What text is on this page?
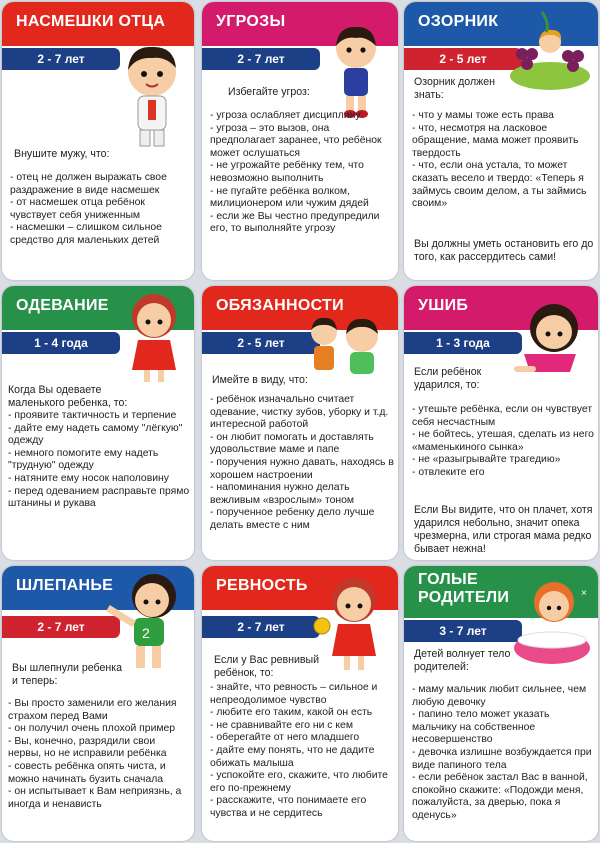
НАСМЕШКИ ОТЦА
2 - 7 лет
Внушите мужу, что:
- отец не должен выражать свое раздражение в виде насмешек
- от насмешек отца ребёнок чувствует себя униженным
- насмешки – слишком сильное средство для маленьких детей
УГРОЗЫ
2 - 7 лет
Избегайте угроз:
- угроза ослабляет дисциплину
- угроза – это вызов, она предполагает заранее, что ребёнок может ослушаться
- не угрожайте ребёнку тем, что невозможно выполнить
- не пугайте ребёнка волком, милиционером или чужим дядей
- если же Вы честно предупредили его, то выполняйте угрозу
ОЗОРНИК
2 - 5 лет
Озорник должен знать:
- что у мамы тоже есть права
- что, несмотря на ласковое обращение, мама может проявить твердость
- что, если она устала, то может сказать весело и твердо: «Теперь я займусь своим делом, а ты займись своим»
Вы должны уметь остановить его до того, как рассердитесь сами!
ОДЕВАНИЕ
1 - 4 года
Когда Вы одеваете маленького ребенка, то:
- проявите тактичность и терпение
- дайте ему надеть самому "лёгкую" одежду
- немного помогите ему надеть "трудную" одежду
- натяните ему носок наполовину
- перед одеванием расправьте прямо штанины и рукава
ОБЯЗАННОСТИ
2 - 5 лет
Имейте в виду, что:
- ребёнок изначально считает одевание, чистку зубов, уборку и т.д. интересной работой
- он любит помогать и доставлять удовольствие маме и папе
- поручения нужно давать, находясь в хорошем настроении
- напоминания нужно делать вежливым «взрослым» тоном
- порученное ребенку дело лучше делать вместе с ним
УШИБ
1 - 3 года
Если ребёнок ударился, то:
- утешьте ребёнка, если он чувствует себя несчастным
- не бойтесь, утешая, сделать из него «маменькиного сынка»
- не «разыгрывайте трагедию»
- отвлеките его
Если Вы видите, что он плачет, хотя ударился небольно, значит опека чрезмерна, или строгая мама редко бывает нежна!
ШЛЕПАНЬЕ
2 - 7 лет	2
Вы шлепнули ребенка и теперь:
- Вы просто заменили его желания страхом перед Вами
- он получил очень плохой пример
- Вы, конечно, разрядили свои нервы, но не исправили ребёнка
- совесть ребёнка опять чиста, и можно начинать бузить сначала
- он испытывает к Вам неприязнь, а иногда и ненависть
РЕВНОСТЬ
2 - 7 лет
Если у Вас ревнивый ребёнок, то:
- знайте, что ревность – сильное и непреодолимое чувство
- любите его таким, какой он есть
- не сравнивайте его ни с кем
- оберегайте от него младшего
- дайте ему понять, что не дадите обижать малыша
- успокойте его, скажите, что любите его по-прежнему
- расскажите, что понимаете его чувства и не сердитесь
ГОЛЫЕ
РОДИТЕЛИ
3 - 7 лет
×
Детей волнует тело родителей:
- маму мальчик любит сильнее, чем любую девочку
- папино тело может указать мальчику на собственное несовершенство
- девочка излишне возбуждается при виде папиного тела
- если ребёнок застал Вас в ванной, спокойно скажите: «Подожди меня, пожалуйста, за дверью, пока я оденусь»
